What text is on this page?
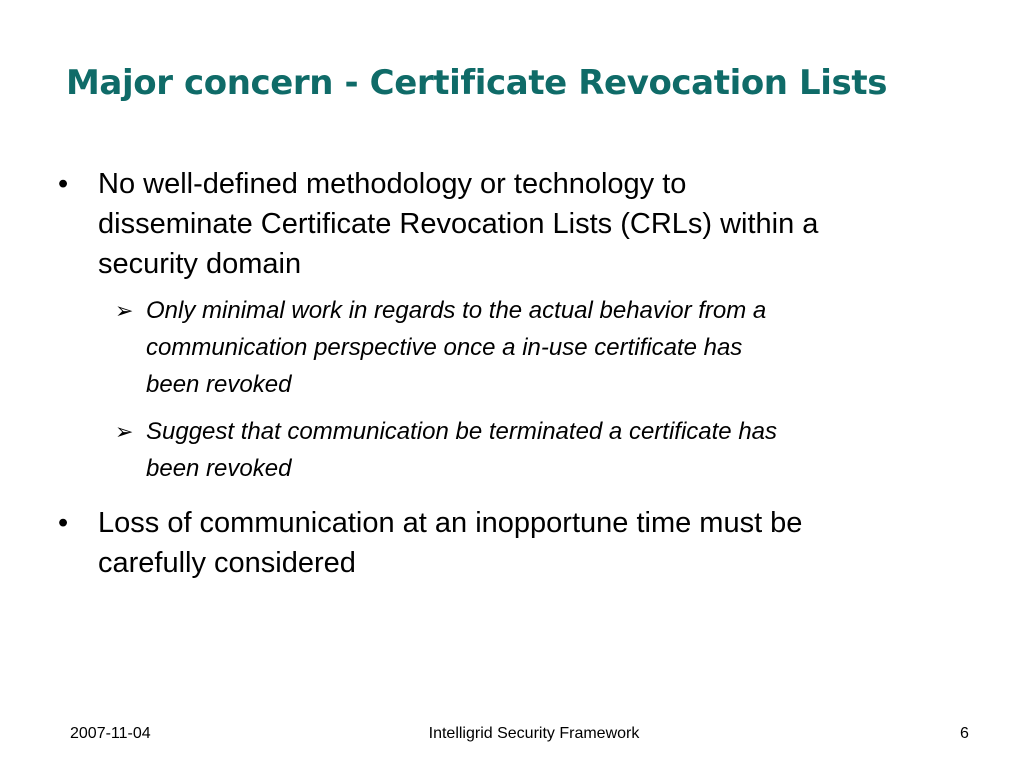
Major concern - Certificate Revocation Lists
• No well-defined methodology or technology to
disseminate Certificate Revocation Lists (CRLs) within a
security domain
➢ Only minimal work in regards to the actual behavior from a
communication perspective once a in-use certificate has
been revoked
➢ Suggest that communication be terminated a certificate has
been revoked
• Loss of communication at an inopportune time must be
carefully considered
2007-11-04	Intelligrid Security Framework	6
